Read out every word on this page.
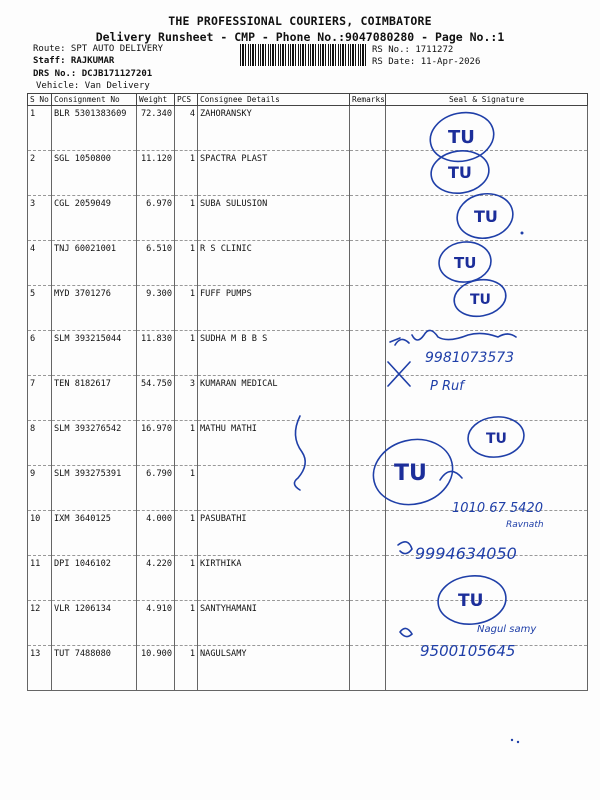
THE PROFESSIONAL COURIERS, COIMBATORE
Delivery Runsheet - CMP - Phone No.:9047080280 - Page No.:1
Route: SPT AUTO DELIVERY
Staff: RAJKUMAR
DRS No.: DCJB171127201
Vehicle: Van Delivery
RS No.: 1711272
RS Date: 11-Apr-2026
S No	Consignment No	Weight	PCS	Consignee Details	Remarks	Seal & Signature
1	BLR 5301383609	72.340	4	ZAHORANSKY		
2	SGL 1050800	11.120	1	SPACTRA PLAST		
3	CGL 2059049	6.970	1	SUBA SULUSION		
4	TNJ 60021001	6.510	1	R S CLINIC		
5	MYD 3701276	9.300	1	FUFF PUMPS		
6	SLM 393215044	11.830	1	SUDHA M B B S		
7	TEN 8182617	54.750	3	KUMARAN MEDICAL		
8	SLM 393276542	16.970	1	MATHU MATHI		
9	SLM 393275391	6.790	1			
10	IXM 3640125	4.000	1	PASUBATHI		
11	DPI 1046102	4.220	1	KIRTHIKA		
12	VLR 1206134	4.910	1	SANTYHAMANI		
13	TUT 7488080	10.900	1	NAGULSAMY		
TU
TU
TU
TU
TU
TU
TU
TU
9981073573
P Ruf
1010 67 5420
Ravnath
9994634050
Nagul samy
9500105645
